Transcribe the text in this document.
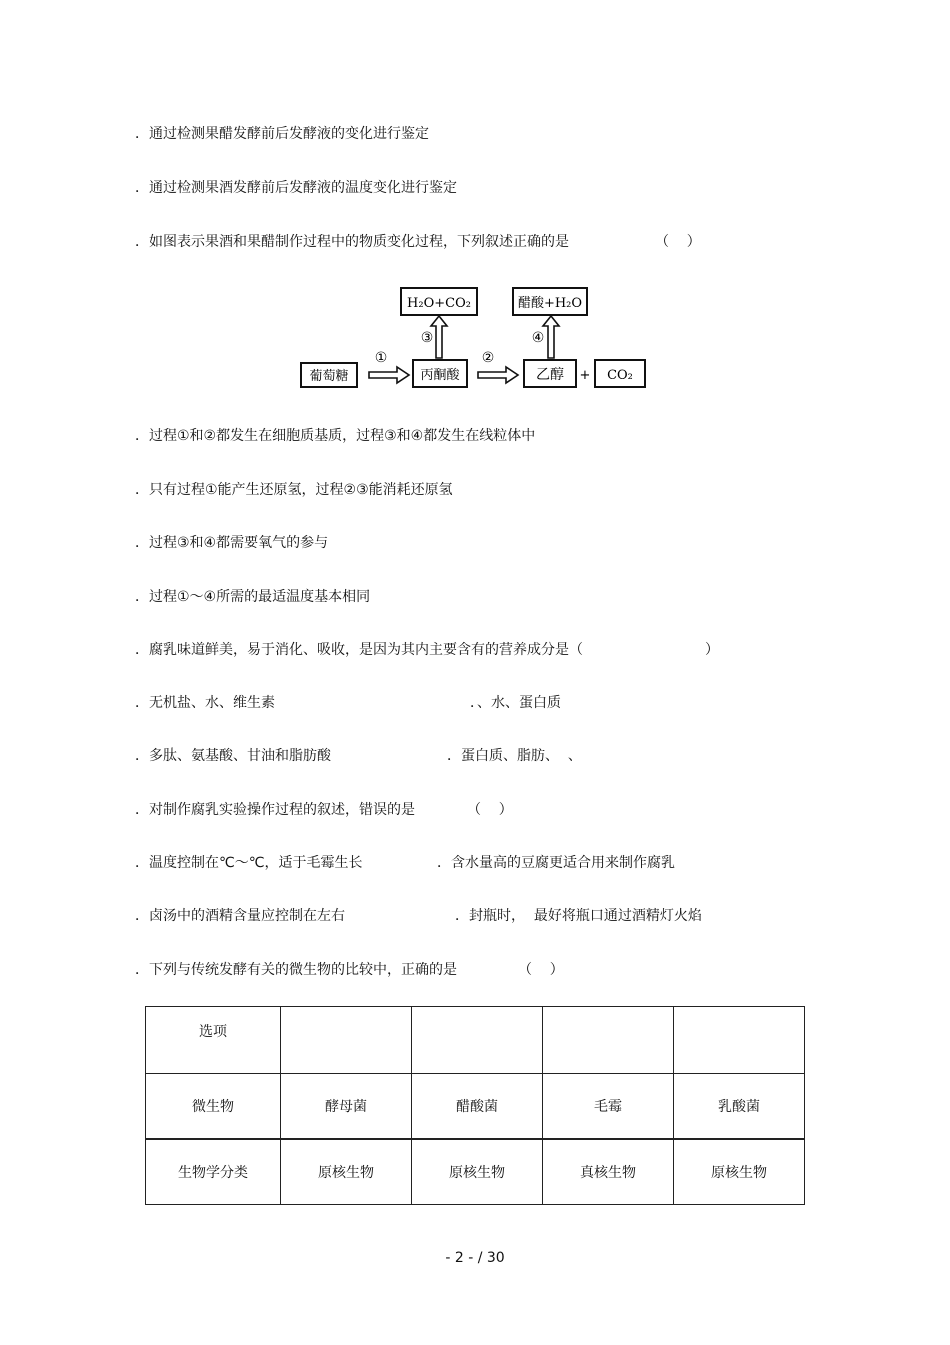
．通过检测果醋发酵前后发酵液的变化进行鉴定
．通过检测果酒发酵前后发酵液的温度变化进行鉴定
．如图表示果酒和果醋制作过程中的物质变化过程，下列叙述正确的是	（    ）
H₂O+CO₂	醋酸+H₂O
③	④
葡萄糖	丙酮酸	乙醇	CO₂
+
①	②
．过程①和②都发生在细胞质基质，过程③和④都发生在线粒体中
．只有过程①能产生还原氢，过程②③能消耗还原氢
．过程③和④都需要氧气的参与
．过程①～④所需的最适温度基本相同
．腐乳味道鲜美，易于消化、吸收，是因为其内主要含有的营养成分是（	）
．无机盐、水、维生素	．、水、蛋白质
．多肽、氨基酸、甘油和脂肪酸	．蛋白质、脂肪、  、
．对制作腐乳实验操作过程的叙述，错误的是	（    ）
．温度控制在℃～℃，适于毛霉生长	．含水量高的豆腐更适合用来制作腐乳
．卤汤中的酒精含量应控制在左右	．封瓶时，  最好将瓶口通过酒精灯火焰
．下列与传统发酵有关的微生物的比较中，正确的是	（    ）
选项				
微生物	酵母菌	醋酸菌	毛霉	乳酸菌
生物学分类	原核生物	原核生物	真核生物	原核生物
- 2 - / 30
